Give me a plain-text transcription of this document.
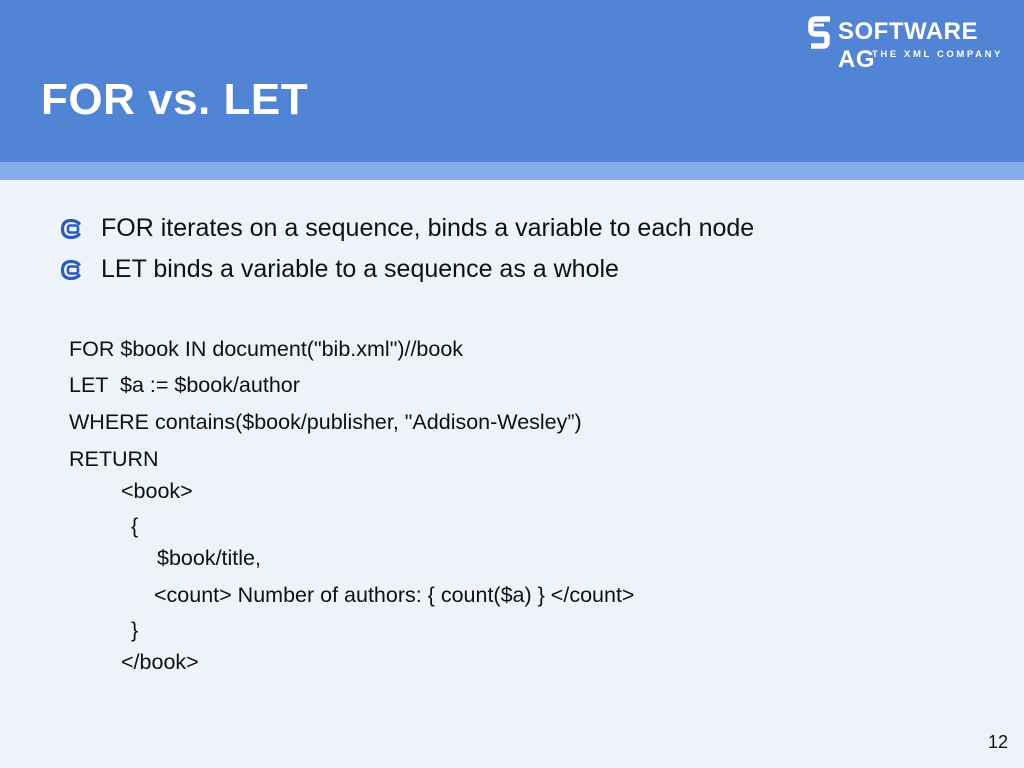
FOR vs. LET
SOFTWARE AG
THE XML COMPANY
FOR iterates on a sequence, binds a variable to each node
LET binds a variable to a sequence as a whole
FOR $book IN document("bib.xml")//book
LET  $a := $book/author
WHERE contains($book/publisher, "Addison-Wesley”)
RETURN
<book>
{
$book/title,
<count> Number of authors: { count($a) } </count>
}
</book>
12
